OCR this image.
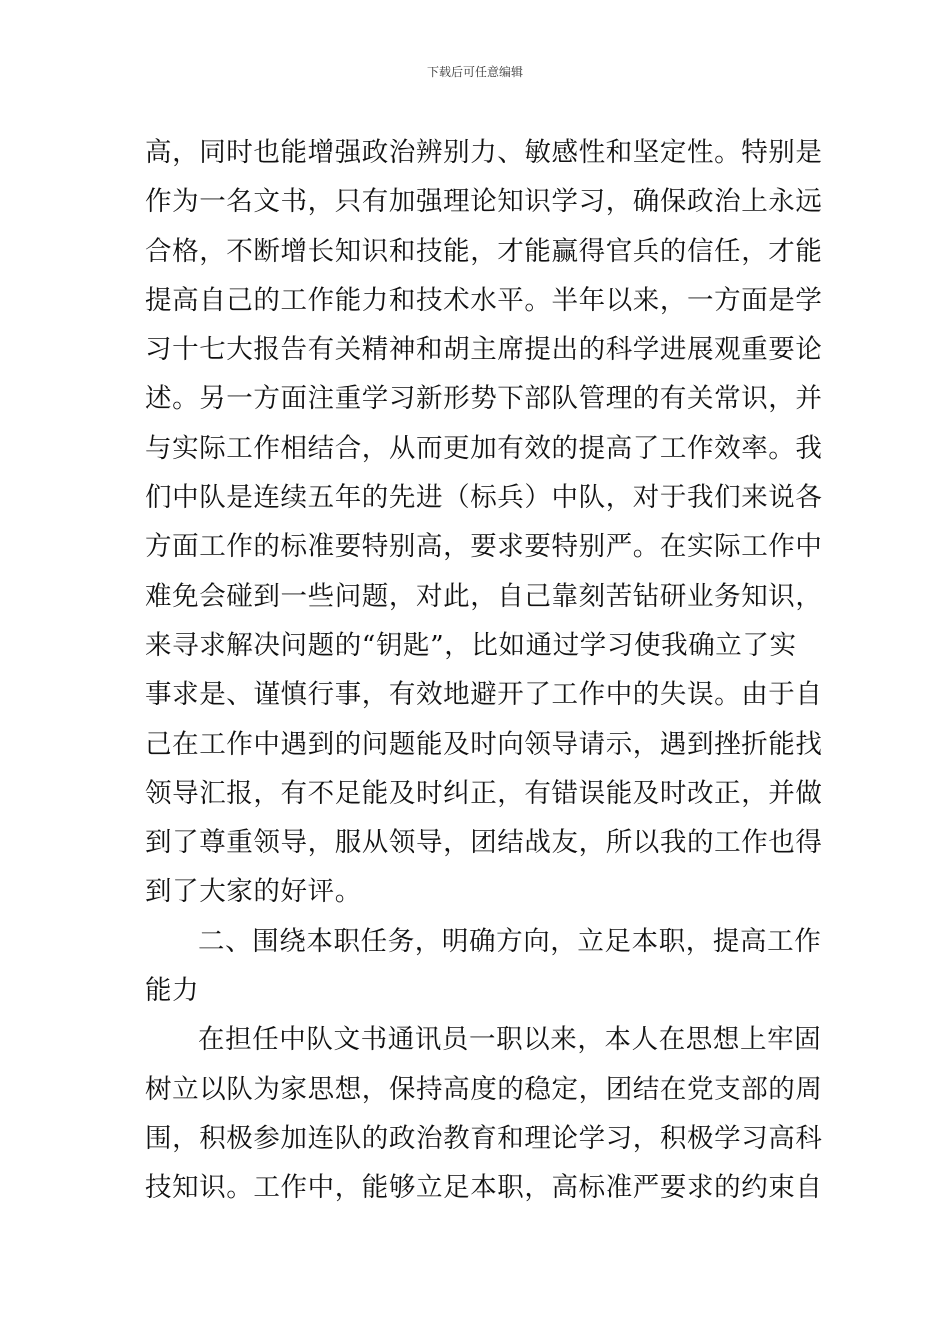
下载后可任意编辑
高，同时也能增强政治辨别力、敏感性和坚定性。特别是
作为一名文书，只有加强理论知识学习，确保政治上永远
合格，不断增长知识和技能，才能赢得官兵的信任，才能
提高自己的工作能力和技术水平。半年以来，一方面是学
习十七大报告有关精神和胡主席提出的科学进展观重要论
述。另一方面注重学习新形势下部队管理的有关常识，并
与实际工作相结合，从而更加有效的提高了工作效率。我
们中队是连续五年的先进（标兵）中队，对于我们来说各
方面工作的标准要特别高，要求要特别严。在实际工作中
难免会碰到一些问题，对此，自己靠刻苦钻研业务知识，
来寻求解决问题的“钥匙”，比如通过学习使我确立了实
事求是、谨慎行事，有效地避开了工作中的失误。由于自
己在工作中遇到的问题能及时向领导请示，遇到挫折能找
领导汇报，有不足能及时纠正，有错误能及时改正，并做
到了尊重领导，服从领导，团结战友，所以我的工作也得
到了大家的好评。
二、围绕本职任务，明确方向，立足本职，提高工作
能力
在担任中队文书通讯员一职以来，本人在思想上牢固
树立以队为家思想，保持高度的稳定，团结在党支部的周
围，积极参加连队的政治教育和理论学习，积极学习高科
技知识。工作中，能够立足本职，高标准严要求的约束自
